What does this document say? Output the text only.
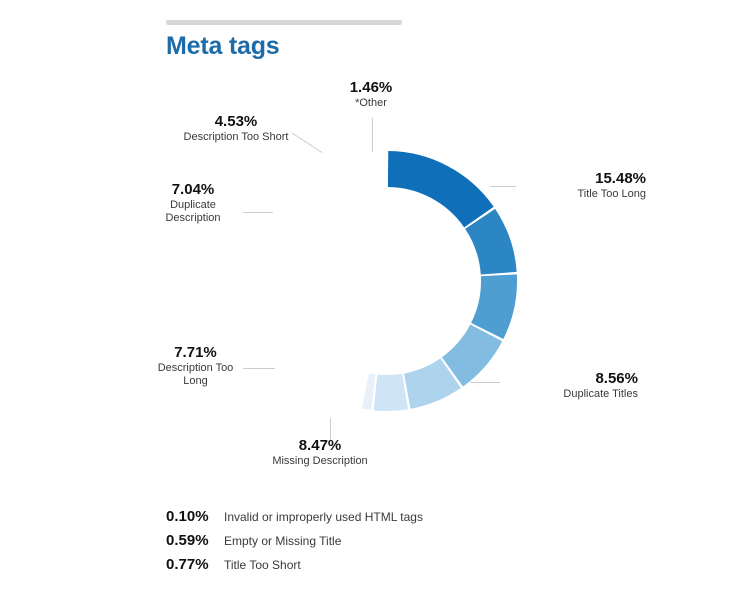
Meta tags
1.46%
*Other
4.53%
Description Too Short
7.04%
Duplicate Description
7.71%
Description Too Long
8.47%
Missing Description
8.56%
Duplicate Titles
15.48%
Title Too Long
0.10%	Invalid or improperly used HTML tags
0.59%	Empty or Missing Title
0.77%	Title Too Short
